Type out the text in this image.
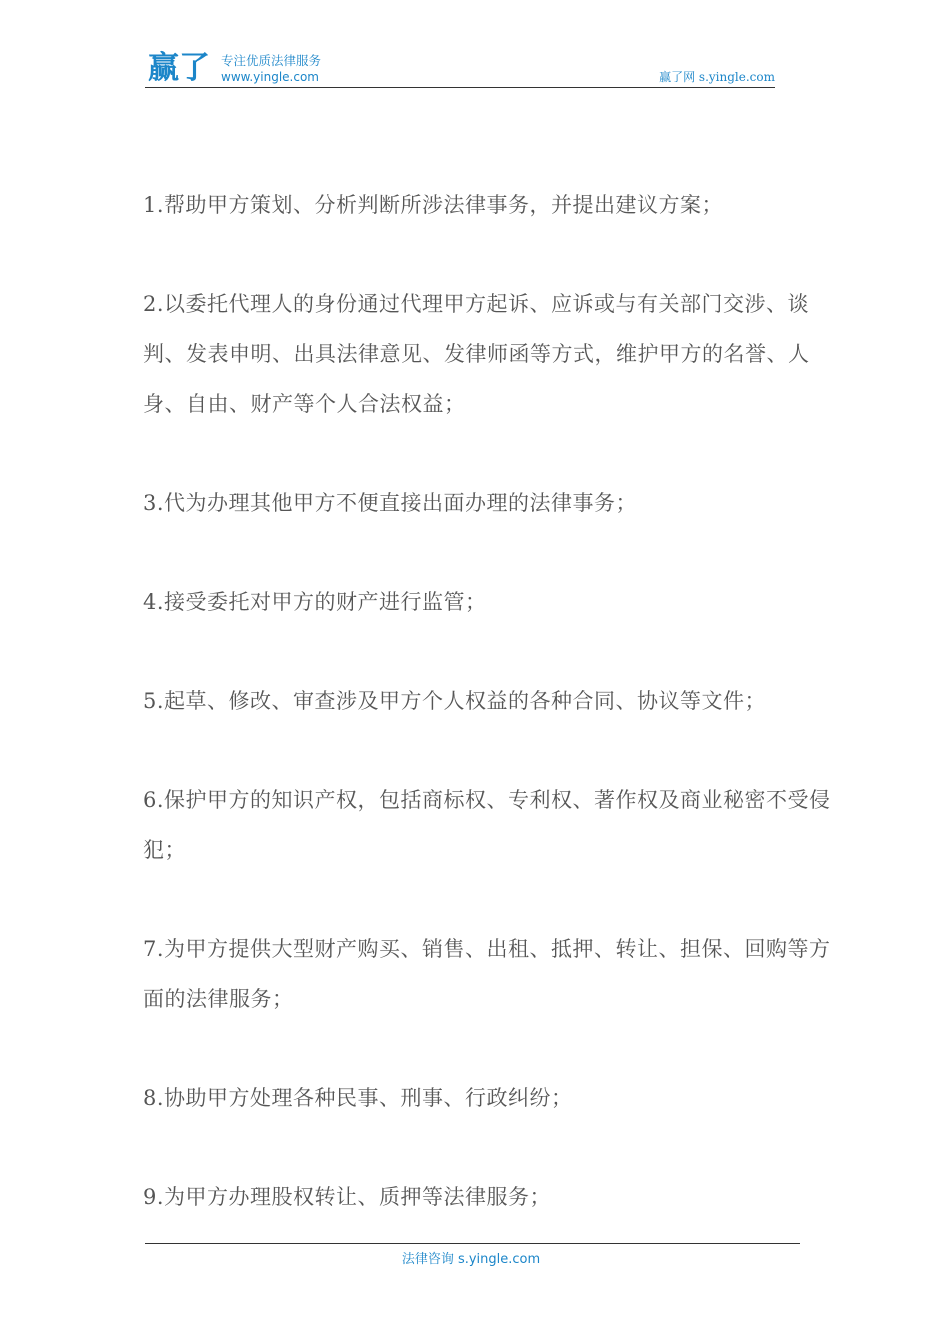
赢了 专注优质法律服务
www.yingle.com	赢了网 s.yingle.com

1.帮助甲方策划、分析判断所涉法律事务，并提出建议方案；

2.以委托代理人的身份通过代理甲方起诉、应诉或与有关部门交涉、谈判、发表申明、出具法律意见、发律师函等方式，维护甲方的名誉、人身、自由、财产等个人合法权益；

3.代为办理其他甲方不便直接出面办理的法律事务；

4.接受委托对甲方的财产进行监管；

5.起草、修改、审查涉及甲方个人权益的各种合同、协议等文件；

6.保护甲方的知识产权，包括商标权、专利权、著作权及商业秘密不受侵犯；

7.为甲方提供大型财产购买、销售、出租、抵押、转让、担保、回购等方面的法律服务；

8.协助甲方处理各种民事、刑事、行政纠纷；

9.为甲方办理股权转让、质押等法律服务；

法律咨询 s.yingle.com
